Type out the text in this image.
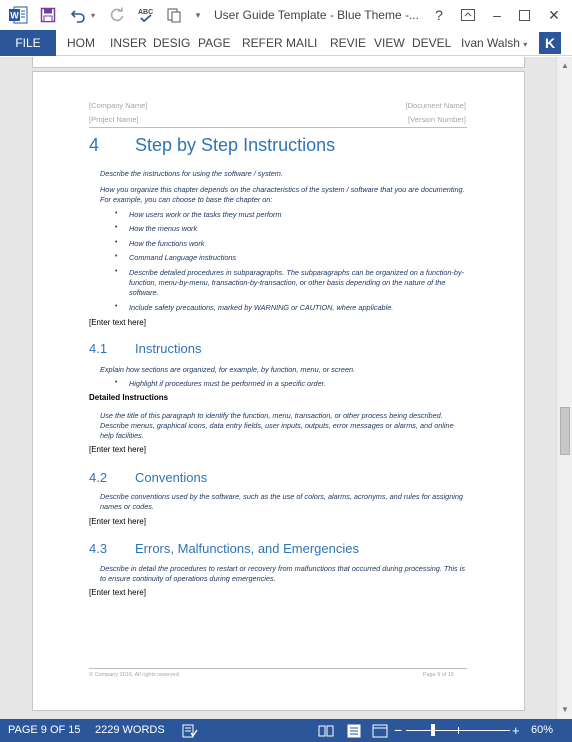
W	▾	ABC	▾	User Guide Template - Blue Theme -...	?	–	✕
FILE	HOM INSER DESIG PAGE REFER MAILI REVIE VIEW DEVEL Ivan Walsh ▾	K
[Company Name]	[Document Name]
[Project Name]	[Version Number]
4 Step by Step Instructions
Describe the instructions for using the software / system.
How you organize this chapter depends on the characteristics of the system / software that you are documenting. For example, you can choose to base the chapter on:
• How users work or the tasks they must perform
• How the menus work
• How the functions work
• Command Language instructions
• Describe detailed procedures in subparagraphs. The subparagraphs can be organized on a function-by-function, menu-by-menu, transaction-by-transaction, or other basis depending on the nature of the software.
• Include safety precautions, marked by WARNING or CAUTION, where applicable.
[Enter text here]
4.1 Instructions
Explain how sections are organized, for example, by function, menu, or screen.
• Highlight if procedures must be performed in a specific order.
Detailed Instructions
Use the title of this paragraph to identify the function, menu, transaction, or other process being described. Describe menus, graphical icons, data entry fields, user inputs, outputs, error messages or alarms, and online help facilities.
[Enter text here]
4.2 Conventions
Describe conventions used by the software, such as the use of colors, alarms, acronyms, and rules for assigning names or codes.
[Enter text here]
4.3 Errors, Malfunctions, and Emergencies
Describe in detail the procedures to restart or recovery from malfunctions that occurred during processing. This is to ensure continuity of operations during emergencies.
[Enter text here]
© Company 2016. All rights reserved.	Page 9 of 15
▲
▼
PAGE 9 OF 15 2229 WORDS	−	+ 60%
